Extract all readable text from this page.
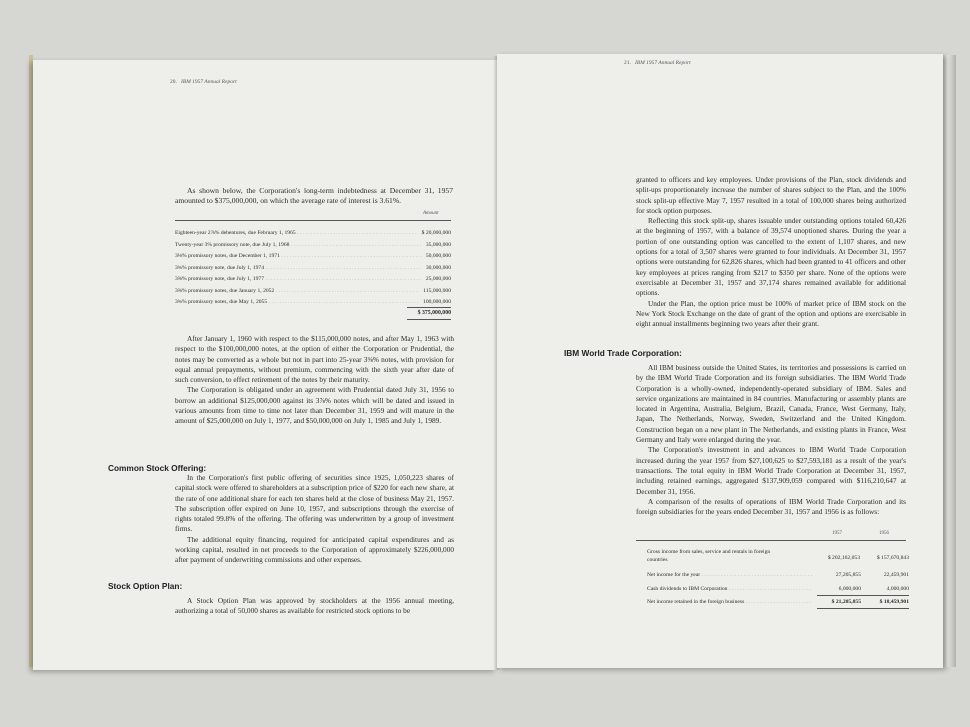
20. IBM 1957 Annual Report

As shown below, the Corporation's long-term indebtedness at December 31, 1957 amounted to $375,000,000, on which the average rate of interest is 3.61%.

Amount
Eighteen-year 2⅞% debentures, due February 1, 1965 . . .	$ 20,000,000
Twenty-year 3% promissory note, due July 1, 1968 . . .	35,000,000
3⅛% promissory notes, due December 1, 1971 . . .	50,000,000
3¾% promissory note, due July 1, 1974 . . .	30,000,000
3⅜% promissory note, due July 1, 1977 . . .	25,000,000
3⅜% promissory notes, due January 1, 2052 . . .	115,000,000
3¾% promissory notes, due May 1, 2055 . . .	100,000,000
$ 375,000,000

After January 1, 1960 with respect to the $115,000,000 notes, and after May 1, 1963 with respect to the $100,000,000 notes, at the option of either the Corporation or Prudential, the notes may be converted as a whole but not in part into 25-year 3⅜% notes, with provision for equal annual prepayments, without premium, commencing with the sixth year after date of such conversion, to effect retirement of the notes by their maturity.

The Corporation is obligated under an agreement with Prudential dated July 31, 1956 to borrow an additional $125,000,000 against its 3⅞% notes which will be dated and issued in various amounts from time to time not later than December 31, 1959 and will mature in the amount of $25,000,000 on July 1, 1977, and $50,000,000 on July 1, 1985 and July 1, 1989.

Common Stock Offering:

In the Corporation's first public offering of securities since 1925, 1,050,223 shares of capital stock were offered to shareholders at a subscription price of $220 for each new share, at the rate of one additional share for each ten shares held at the close of business May 21, 1957. The subscription offer expired on June 10, 1957, and subscriptions through the exercise of rights totaled 99.8% of the offering. The offering was underwritten by a group of investment firms.

The additional equity financing, required for anticipated capital expenditures and as working capital, resulted in net proceeds to the Corporation of approximately $226,000,000 after payment of underwriting commissions and other expenses.

Stock Option Plan:

A Stock Option Plan was approved by stockholders at the 1956 annual meeting, authorizing a total of 50,000 shares as available for restricted stock options to be

21. IBM 1957 Annual Report

granted to officers and key employees. Under provisions of the Plan, stock dividends and split-ups proportionately increase the number of shares subject to the Plan, and the 100% stock split-up effective May 7, 1957 resulted in a total of 100,000 shares being authorized for stock option purposes.

Reflecting this stock split-up, shares issuable under outstanding options totaled 60,426 at the beginning of 1957, with a balance of 39,574 unoptioned shares. During the year a portion of one outstanding option was cancelled to the extent of 1,107 shares, and new options for a total of 3,507 shares were granted to four individuals. At December 31, 1957 options were outstanding for 62,826 shares, which had been granted to 41 officers and other key employees at prices ranging from $217 to $350 per share. None of the options were exercisable at December 31, 1957 and 37,174 shares remained available for additional options.

Under the Plan, the option price must be 100% of market price of IBM stock on the New York Stock Exchange on the date of grant of the option and options are exercisable in eight annual installments beginning two years after their grant.

IBM World Trade Corporation:

All IBM business outside the United States, its territories and possessions is carried on by the IBM World Trade Corporation and its foreign subsidiaries. The IBM World Trade Corporation is a wholly-owned, independently-operated subsidiary of IBM. Sales and service organizations are maintained in 84 countries. Manufacturing or assembly plants are located in Argentina, Australia, Belgium, Brazil, Canada, France, West Germany, Italy, Japan, The Netherlands, Norway, Sweden, Switzerland and the United Kingdom. Construction began on a new plant in The Netherlands, and existing plants in France, West Germany and Italy were enlarged during the year.

The Corporation's investment in and advances to IBM World Trade Corporation increased during the year 1957 from $27,100,625 to $27,593,181 as a result of the year's transactions. The total equity in IBM World Trade Corporation at December 31, 1957, including retained earnings, aggregated $137,909,059 compared with $116,210,647 at December 31, 1956.

A comparison of the results of operations of IBM World Trade Corporation and its foreign subsidiaries for the years ended December 31, 1957 and 1956 is as follows:

1957	1956
Gross income from sales, service and rentals in foreign countries	$ 202,162,053	$ 157,670,843
Net income for the year . . .	27,205,855	22,459,901
Cash dividends to IBM Corporation . . .	6,000,000	4,000,000
Net income retained in the foreign business . . .	$ 21,205,855	$ 18,459,901
